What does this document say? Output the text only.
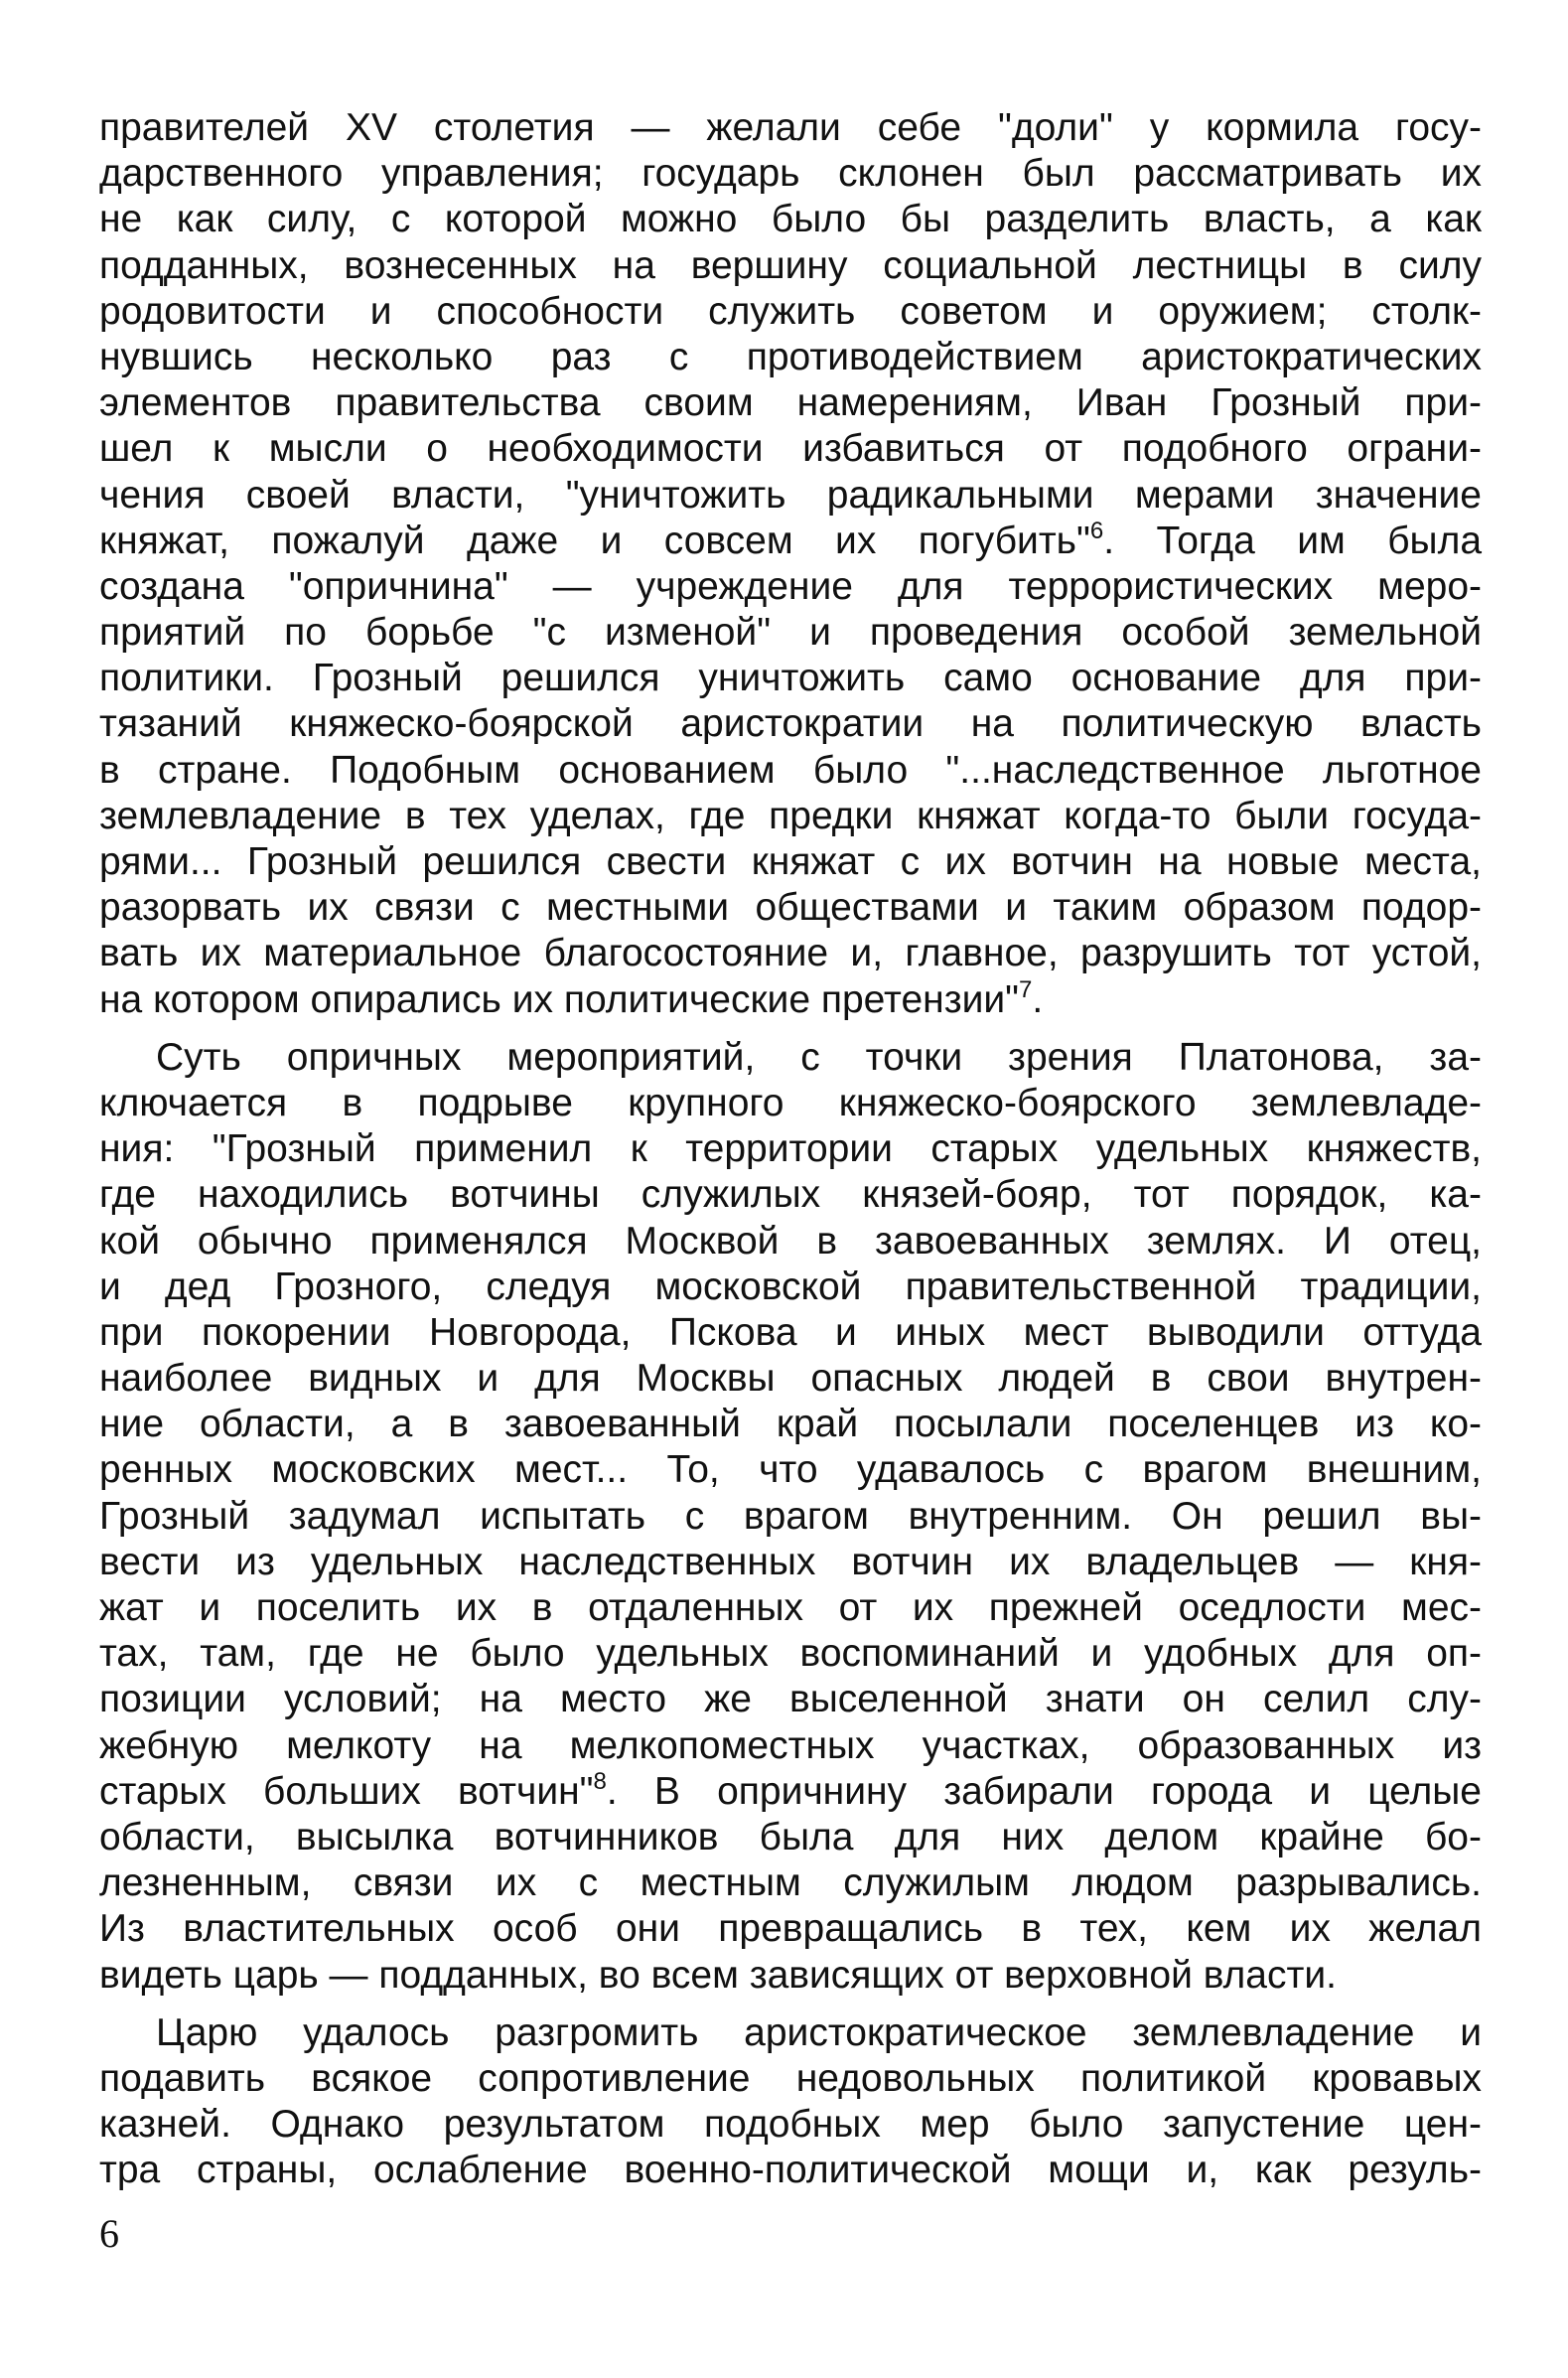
правителей XV столетия — желали себе "доли" у кормила госу-
дарственного управления; государь склонен был рассматривать их
не как силу, с которой можно было бы разделить власть, а как
подданных, вознесенных на вершину социальной лестницы в силу
родовитости и способности служить советом и оружием; столк-
нувшись несколько раз с противодействием аристократических
элементов правительства своим намерениям, Иван Грозный при-
шел к мысли о необходимости избавиться от подобного ограни-
чения своей власти, "уничтожить радикальными мерами значение
княжат, пожалуй даже и совсем их погубить"$^6$. Тогда им была
создана "опричнина" — учреждение для террористических меро-
приятий по борьбе "с изменой" и проведения особой земельной
политики. Грозный решился уничтожить само основание для при-
тязаний княжеско-боярской аристократии на политическую власть
в стране. Подобным основанием было "...наследственное льготное
землевладение в тех уделах, где предки княжат когда-то были госуда-
рями... Грозный решился свести княжат с их вотчин на новые места,
разорвать их связи с местными обществами и таким образом подор-
вать их материальное благосостояние и, главное, разрушить тот устой,
на котором опирались их политические претензии"$^7$.
Суть опричных мероприятий, с точки зрения Платонова, за-
ключается в подрыве крупного княжеско-боярского землевладе-
ния: "Грозный применил к территории старых удельных княжеств,
где находились вотчины служилых князей-бояр, тот порядок, ка-
кой обычно применялся Москвой в завоеванных землях. И отец,
и дед Грозного, следуя московской правительственной традиции,
при покорении Новгорода, Пскова и иных мест выводили оттуда
наиболее видных и для Москвы опасных людей в свои внутрен-
ние области, а в завоеванный край посылали поселенцев из ко-
ренных московских мест... То, что удавалось с врагом внешним,
Грозный задумал испытать с врагом внутренним. Он решил вы-
вести из удельных наследственных вотчин их владельцев — кня-
жат и поселить их в отдаленных от их прежней оседлости мес-
тах, там, где не было удельных воспоминаний и удобных для оп-
позиции условий; на место же выселенной знати он селил слу-
жебную мелкоту на мелкопоместных участках, образованных из
старых больших вотчин"$^8$. В опричнину забирали города и целые
области, высылка вотчинников была для них делом крайне бо-
лезненным, связи их с местным служилым людом разрывались.
Из властительных особ они превращались в тех, кем их желал
видеть царь — подданных, во всем зависящих от верховной власти.
Царю удалось разгромить аристократическое землевладение и
подавить всякое сопротивление недовольных политикой кровавых
казней. Однако результатом подобных мер было запустение цен-
тра страны, ослабление военно-политической мощи и, как резуль-
6
